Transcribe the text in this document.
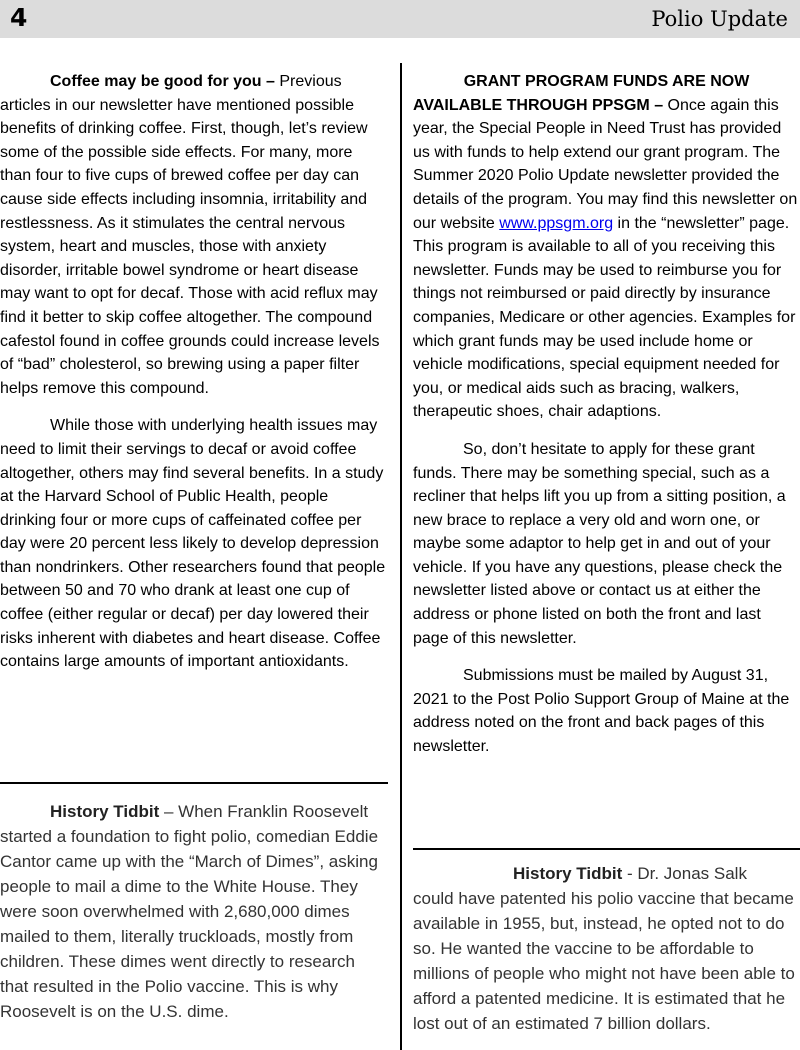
4	Polio Update

Coffee may be good for you – Previous articles in our newsletter have mentioned possible benefits of drinking coffee. First, though, let’s review some of the possible side effects. For many, more than four to five cups of brewed coffee per day can cause side effects including insomnia, irritability and restlessness. As it stimulates the central nervous system, heart and muscles, those with anxiety disorder, irritable bowel syndrome or heart disease may want to opt for decaf. Those with acid reflux may find it better to skip coffee altogether. The compound cafestol found in coffee grounds could increase levels of “bad” cholesterol, so brewing using a paper filter helps remove this compound.

While those with underlying health issues may need to limit their servings to decaf or avoid coffee altogether, others may find several benefits. In a study at the Harvard School of Public Health, people drinking four or more cups of caffeinated coffee per day were 20 percent less likely to develop depression than nondrinkers. Other researchers found that people between 50 and 70 who drank at least one cup of coffee (either regular or decaf) per day lowered their risks inherent with diabetes and heart disease. Coffee contains large amounts of important antioxidants.

History Tidbit – When Franklin Roosevelt started a foundation to fight polio, comedian Eddie Cantor came up with the “March of Dimes”, asking people to mail a dime to the White House. They were soon overwhelmed with 2,680,000 dimes mailed to them, literally truckloads, mostly from children. These dimes went directly to research that resulted in the Polio vaccine. This is why Roosevelt is on the U.S. dime.

GRANT PROGRAM FUNDS ARE NOW

AVAILABLE THROUGH PPSGM – Once again this year, the Special People in Need Trust has provided us with funds to help extend our grant program. The Summer 2020 Polio Update newsletter provided the details of the program. You may find this newsletter on our website www.ppsgm.org in the “newsletter” page. This program is available to all of you receiving this newsletter. Funds may be used to reimburse you for things not reimbursed or paid directly by insurance companies, Medicare or other agencies. Examples for which grant funds may be used include home or vehicle modifications, special equipment needed for you, or medical aids such as bracing, walkers, therapeutic shoes, chair adaptions.

So, don’t hesitate to apply for these grant funds. There may be something special, such as a recliner that helps lift you up from a sitting position, a new brace to replace a very old and worn one, or maybe some adaptor to help get in and out of your vehicle. If you have any questions, please check the newsletter listed above or contact us at either the address or phone listed on both the front and last page of this newsletter.

Submissions must be mailed by August 31, 2021 to the Post Polio Support Group of Maine at the address noted on the front and back pages of this newsletter.

History Tidbit - Dr. Jonas Salk

could have patented his polio vaccine that became available in 1955, but, instead, he opted not to do so. He wanted the vaccine to be affordable to millions of people who might not have been able to afford a patented medicine. It is estimated that he lost out of an estimated 7 billion dollars.
